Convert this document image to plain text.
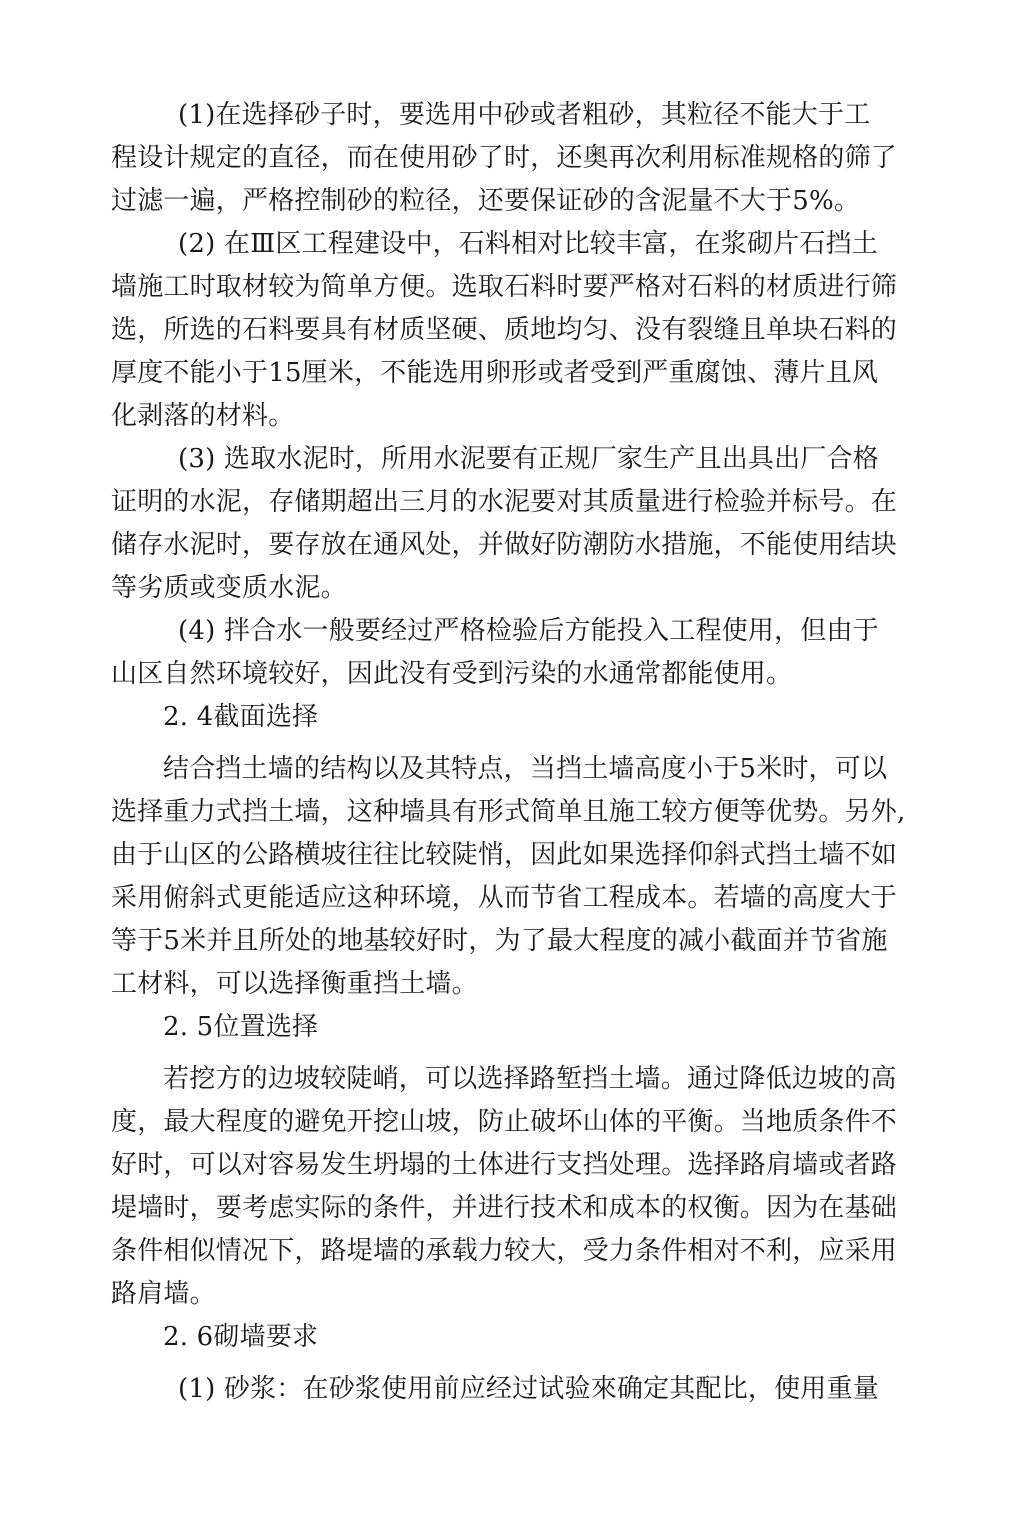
(1)在选择砂子时，要选用中砂或者粗砂，其粒径不能大于工
程设计规定的直径，而在使用砂了时，还奥再次利用标准规格的筛了
过滤一遍，严格控制砂的粒径，还要保证砂的含泥量不大于5%。
(2) 在Ⅲ区工程建设中，石料相对比较丰富，在浆砌片石挡土
墙施工时取材较为简单方便。选取石料时要严格对石料的材质进行筛
选，所选的石料要具有材质坚硬、质地均匀、没有裂缝且单块石料的
厚度不能小于15厘米，不能选用卵形或者受到严重腐蚀、薄片且风
化剥落的材料。
(3) 选取水泥时，所用水泥要有正规厂家生产且出具出厂合格
证明的水泥，存储期超出三月的水泥要对其质量进行检验并标号。在
储存水泥时，要存放在通风处，并做好防潮防水措施，不能使用结块
等劣质或变质水泥。
(4) 拌合水一般要经过严格检验后方能投入工程使用，但由于
山区自然环境较好，因此没有受到污染的水通常都能使用。
2. 4截面选择
结合挡土墙的结构以及其特点，当挡土墙高度小于5米时，可以
选择重力式挡土墙，这种墙具有形式简单且施工较方便等优势。另外,
由于山区的公路横坡往往比较陡悄，因此如果选择仰斜式挡土墙不如
采用俯斜式更能适应这种环境，从而节省工程成本。若墙的高度大于
等于5米并且所处的地基较好时，为了最大程度的减小截面并节省施
工材料，可以选择衡重挡土墙。
2. 5位置选择
若挖方的边坡较陡峭，可以选择路堑挡土墙。通过降低边坡的高
度，最大程度的避免开挖山坡，防止破坏山体的平衡。当地质条件不
好时，可以对容易发生坍塌的土体进行支挡处理。选择路肩墙或者路
堤墙时，要考虑实际的条件，并进行技术和成本的权衡。因为在基础
条件相似情况下，路堤墙的承载力较大，受力条件相对不利，应采用
路肩墙。
2. 6砌墙要求
(1) 砂浆：在砂浆使用前应经过试验來确定其配比，使用重量
